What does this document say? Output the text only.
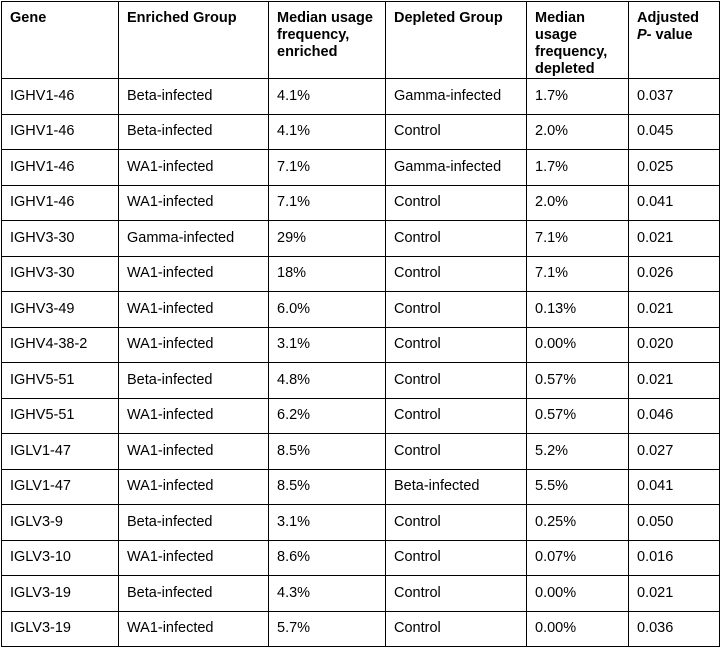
Gene	Enriched Group	Median usage frequency, enriched	Depleted Group	Median usage frequency, depleted	Adjusted
P- value
IGHV1-46	Beta-infected	4.1%	Gamma-infected	1.7%	0.037
IGHV1-46	Beta-infected	4.1%	Control	2.0%	0.045
IGHV1-46	WA1-infected	7.1%	Gamma-infected	1.7%	0.025
IGHV1-46	WA1-infected	7.1%	Control	2.0%	0.041
IGHV3-30	Gamma-infected	29%	Control	7.1%	0.021
IGHV3-30	WA1-infected	18%	Control	7.1%	0.026
IGHV3-49	WA1-infected	6.0%	Control	0.13%	0.021
IGHV4-38-2	WA1-infected	3.1%	Control	0.00%	0.020
IGHV5-51	Beta-infected	4.8%	Control	0.57%	0.021
IGHV5-51	WA1-infected	6.2%	Control	0.57%	0.046
IGLV1-47	WA1-infected	8.5%	Control	5.2%	0.027
IGLV1-47	WA1-infected	8.5%	Beta-infected	5.5%	0.041
IGLV3-9	Beta-infected	3.1%	Control	0.25%	0.050
IGLV3-10	WA1-infected	8.6%	Control	0.07%	0.016
IGLV3-19	Beta-infected	4.3%	Control	0.00%	0.021
IGLV3-19	WA1-infected	5.7%	Control	0.00%	0.036
